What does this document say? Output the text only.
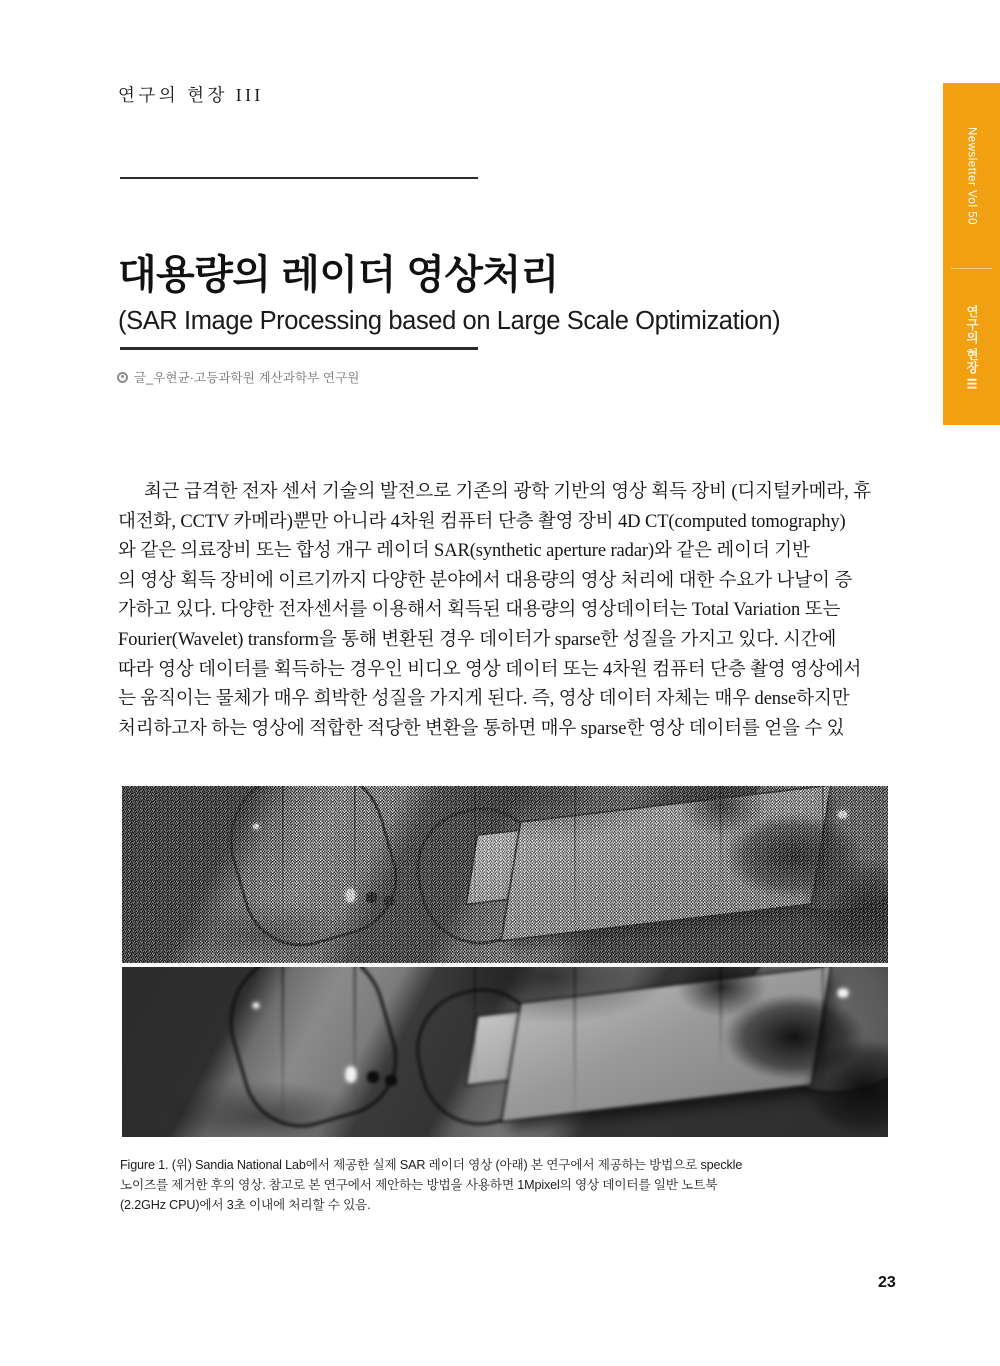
연구의 현장 III
Newsletter Vol 50
연구의 현장 III
대용량의 레이더 영상처리
(SAR Image Processing based on Large Scale Optimization)
글_우현균·고등과학원 계산과학부 연구원
최근 급격한 전자 센서 기술의 발전으로 기존의 광학 기반의 영상 획득 장비 (디지털카메라, 휴
대전화, CCTV 카메라)뿐만 아니라 4차원 컴퓨터 단층 촬영 장비 4D CT(computed tomography)
와 같은 의료장비 또는 합성 개구 레이더 SAR(synthetic aperture radar)와 같은 레이더 기반
의 영상 획득 장비에 이르기까지 다양한 분야에서 대용량의 영상 처리에 대한 수요가 나날이 증
가하고 있다. 다양한 전자센서를 이용해서 획득된 대용량의 영상데이터는 Total Variation 또는
Fourier(Wavelet) transform을 통해 변환된 경우 데이터가 sparse한 성질을 가지고 있다. 시간에
따라 영상 데이터를 획득하는 경우인 비디오 영상 데이터 또는 4차원 컴퓨터 단층 촬영 영상에서
는 움직이는 물체가 매우 희박한 성질을 가지게 된다. 즉, 영상 데이터 자체는 매우 dense하지만
처리하고자 하는 영상에 적합한 적당한 변환을 통하면 매우 sparse한 영상 데이터를 얻을 수 있
Figure 1. (위) Sandia National Lab에서 제공한 실제 SAR 레이더 영상 (아래) 본 연구에서 제공하는 방법으로 speckle
노이즈를 제거한 후의 영상. 참고로 본 연구에서 제안하는 방법을 사용하면 1Mpixel의 영상 데이터를 일반 노트북
(2.2GHz CPU)에서 3초 이내에 처리할 수 있음.
23
